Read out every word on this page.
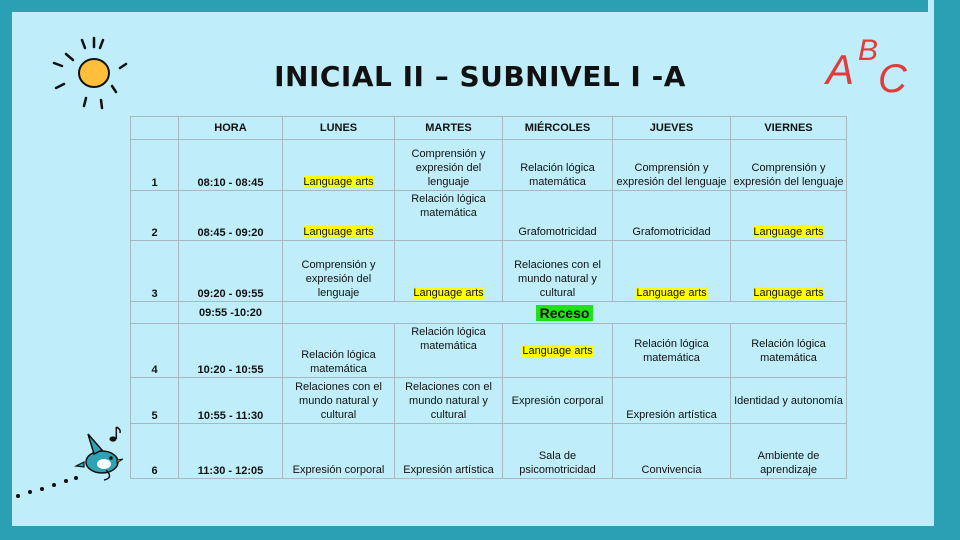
INICIAL II – SUBNIVEL I -A	A B
C
	HORA	LUNES	MARTES	MIÉRCOLES	JUEVES	VIERNES
1	08:10 - 08:45	Language arts	Comprensión y expresión del lenguaje	Relación lógica matemática	Comprensión y expresión del lenguaje	Comprensión y expresión del lenguaje
2	08:45 - 09:20	Language arts	Relación lógica matemática	Grafomotricidad	Grafomotricidad	Language arts
3	09:20 - 09:55	Comprensión y expresión del lenguaje	Language arts	Relaciones con el mundo natural y cultural	Language arts	Language arts
	09:55 -10:20	Receso				
4	10:20 - 10:55	Relación lógica matemática	Relación lógica matemática	Language arts	Relación lógica matemática	Relación lógica matemática
5	10:55 - 11:30	Relaciones con el mundo natural y cultural	Relaciones con el mundo natural y cultural	Expresión corporal	Expresión artística	Identidad y autonomía
6	11:30 - 12:05	Expresión corporal	Expresión artística	Sala de psicomotricidad	Convivencia	Ambiente de aprendizaje
